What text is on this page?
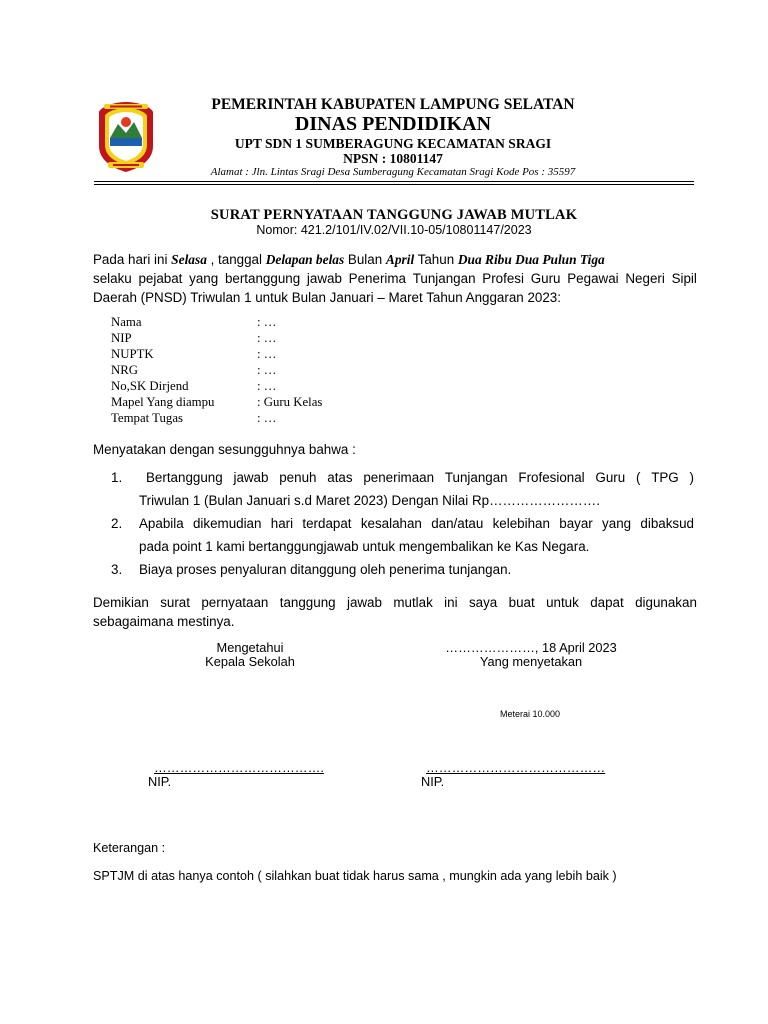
PEMERINTAH KABUPATEN LAMPUNG SELATAN
DINAS PENDIDIKAN
UPT SDN 1 SUMBERAGUNG KECAMATAN SRAGI
NPSN : 10801147
Alamat : Jln. Lintas Sragi Desa Sumberagung Kecamatan Sragi Kode Pos : 35597
SURAT PERNYATAAN TANGGUNG JAWAB MUTLAK
Nomor: 421.2/101/IV.02/VII.10-05/10801147/2023
Pada hari ini Selasa , tanggal Delapan belas Bulan April Tahun Dua Ribu Dua Pulun Tiga
selaku pejabat yang bertanggung jawab Penerima Tunjangan Profesi Guru Pegawai Negeri Sipil
Daerah (PNSD) Triwulan 1 untuk Bulan Januari – Maret Tahun Anggaran 2023:
Nama	: …
NIP	: …
NUPTK	: …
NRG	: …
No,SK Dirjend	: …
Mapel Yang diampu	: Guru Kelas
Tempat Tugas	: …
Menyatakan dengan sesungguhnya bahwa :
1.	Bertanggung jawab penuh atas penerimaan Tunjangan Frofesional Guru ( TPG )
Triwulan 1 (Bulan Januari s.d Maret 2023) Dengan Nilai Rp…………………….
2.	Apabila dikemudian hari terdapat kesalahan dan/atau kelebihan bayar yang dibaksud
pada point 1 kami bertanggungjawab untuk mengembalikan ke Kas Negara.
3.	Biaya proses penyaluran ditanggung oleh penerima tunjangan.
Demikian surat pernyataan tanggung jawab mutlak ini saya buat untuk dapat digunakan
sebagaimana mestinya.
Mengetahui
Kepala Sekolah
…………………, 18 April 2023
Yang menyetakan
Meterai 10.000
………………………………….	……………………………………
NIP.	NIP.
Keterangan :
SPTJM di atas hanya contoh ( silahkan buat tidak harus sama , mungkin ada yang lebih baik )
